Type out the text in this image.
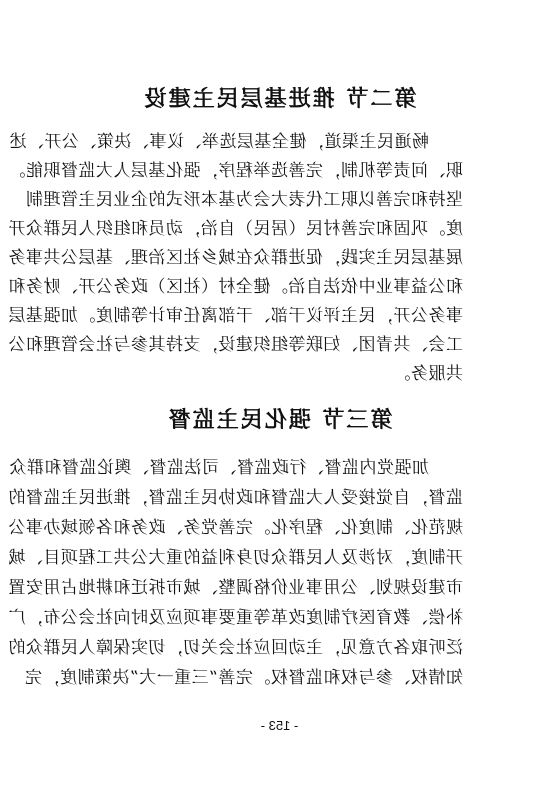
第二节 推进基层民主建设
畅通民主渠道，健全基层选举、议事、决策、公开、述
职、问责等机制，完善选举程序，强化基层人大监督职能。
坚持和完善以职工代表大会为基本形式的企业民主管理制
度。巩固和完善村民（居民）自治，动员和组织人民群众开
展基层民主实践，促进群众在城乡社区治理、基层公共事务
和公益事业中依法自治。健全村（社区）政务公开、财务和
事务公开，民主评议干部、干部离任审计等制度。加强基层
工会、共青团、妇联等组织建设，支持其参与社会管理和公
共服务。
第三节 强化民主监督
加强党内监督、行政监督、司法监督、舆论监督和群众
监督，自觉接受人大监督和政协民主监督，推进民主监督的
规范化、制度化、程序化。完善党务、政务和各领域办事公
开制度，对涉及人民群众切身利益的重大公共工程项目、城
市建设规划、公用事业价格调整、城市拆迁和耕地占用安置
补偿、教育医疗制度改革等重要事项应及时向社会公布，广
泛听取各方意见，主动回应社会关切，切实保障人民群众的
知情权、参与权和监督权。完善“三重一大”决策制度，完
- 153 -
